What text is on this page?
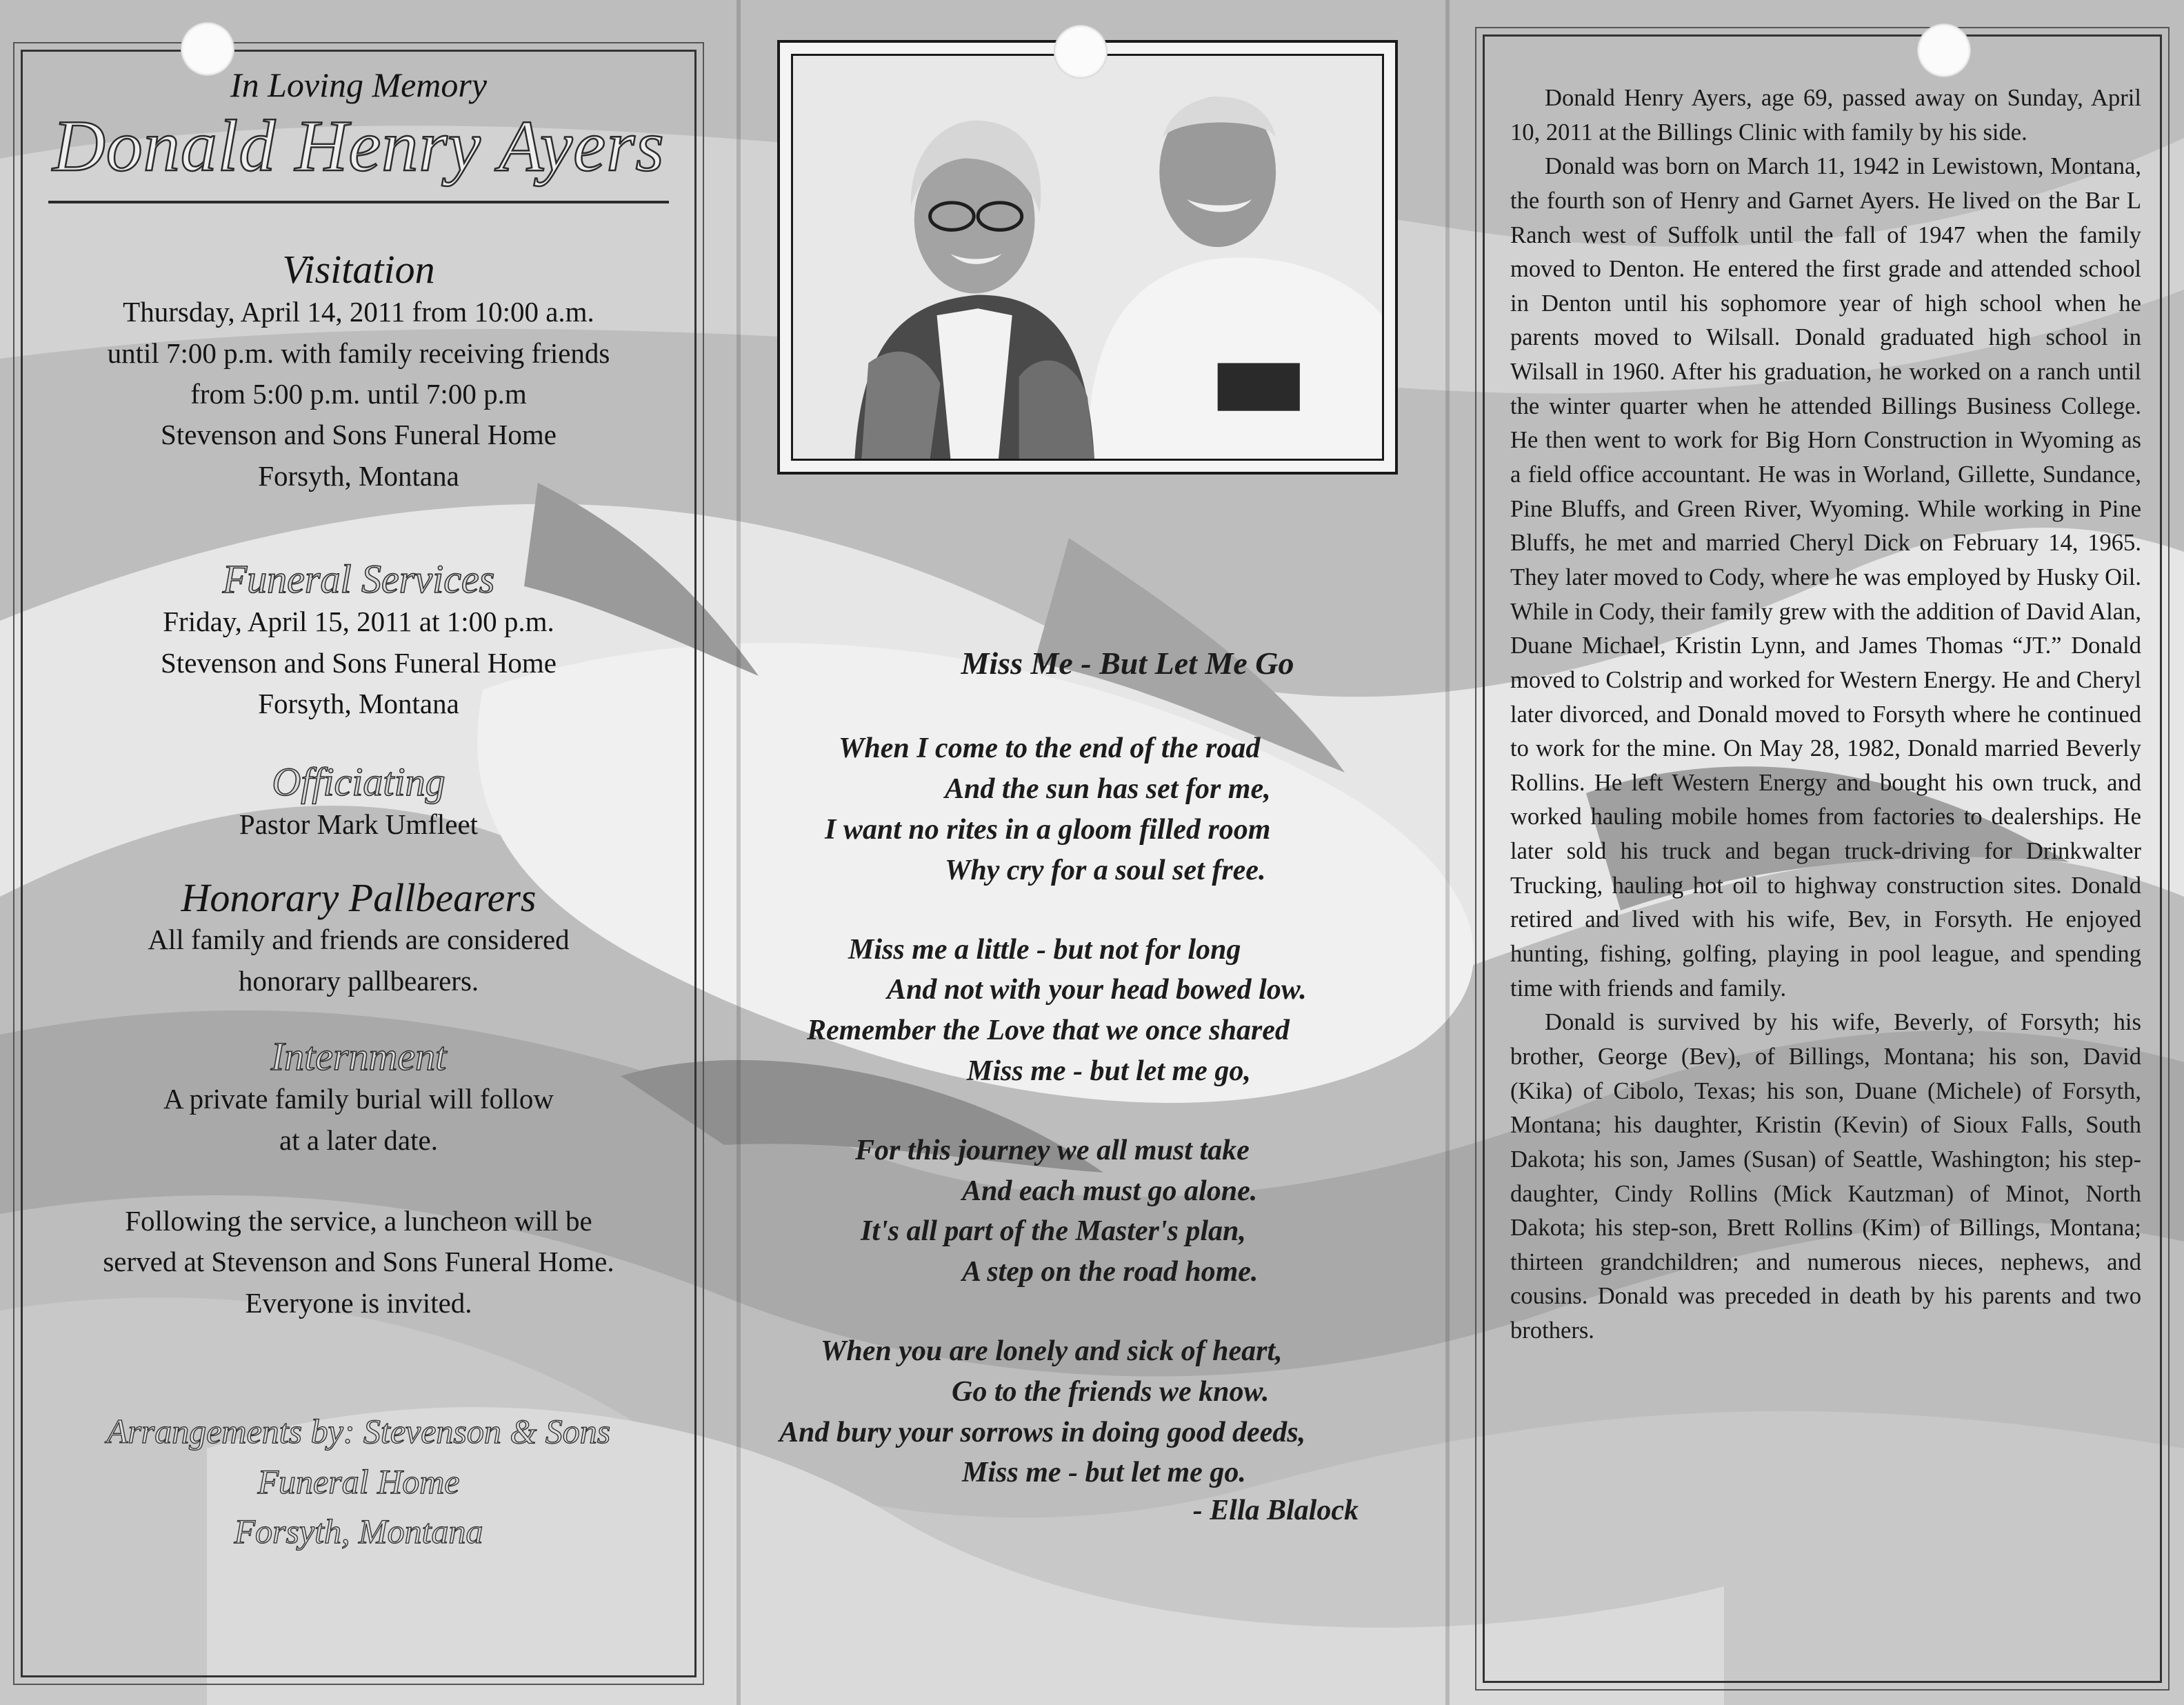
In Loving Memory
Donald Henry Ayers
Visitation
Thursday, April 14, 2011 from 10:00 a.m.
until 7:00 p.m. with family receiving friends
from 5:00 p.m. until 7:00 p.m
Stevenson and Sons Funeral Home
Forsyth, Montana
Funeral Services
Friday, April 15, 2011 at 1:00 p.m.
Stevenson and Sons Funeral Home
Forsyth, Montana
Officiating
Pastor Mark Umfleet
Honorary Pallbearers
All family and friends are considered
honorary pallbearers.
Internment
A private family burial will follow
at a later date.
Following the service, a luncheon will be
served at Stevenson and Sons Funeral Home.
Everyone is invited.
Arrangements by: Stevenson & Sons
Funeral Home
Forsyth, Montana
Miss Me - But Let Me Go
When I come to the end of the road
And the sun has set for me,
I want no rites in a gloom filled room
Why cry for a soul set free.
Miss me a little - but not for long
And not with your head bowed low.
Remember the Love that we once shared
Miss me - but let me go,
For this journey we all must take
And each must go alone.
It's all part of the Master's plan,
A step on the road home.
When you are lonely and sick of heart,
Go to the friends we know.
And bury your sorrows in doing good deeds,
Miss me - but let me go.
- Ella Blalock

Donald Henry Ayers, age 69, passed away on Sunday, April 10, 2011 at the Billings Clinic with family by his side.

Donald was born on March 11, 1942 in Lewistown, Montana, the fourth son of Henry and Garnet Ayers. He lived on the Bar L Ranch west of Suffolk until the fall of 1947 when the family moved to Denton. He entered the first grade and attended school in Denton until his sophomore year of high school when he parents moved to Wilsall. Donald graduated high school in Wilsall in 1960. After his graduation, he worked on a ranch until the winter quarter when he attended Billings Business College. He then went to work for Big Horn Construction in Wyoming as a field office accountant. He was in Worland, Gillette, Sundance, Pine Bluffs, and Green River, Wyoming. While working in Pine Bluffs, he met and married Cheryl Dick on February 14, 1965. They later moved to Cody, where he was employed by Husky Oil. While in Cody, their family grew with the addition of David Alan, Duane Michael, Kristin Lynn, and James Thomas “JT.” Donald moved to Colstrip and worked for Western Energy. He and Cheryl later divorced, and Donald moved to Forsyth where he continued to work for the mine. On May 28, 1982, Donald married Beverly Rollins. He left Western Energy and bought his own truck, and worked hauling mobile homes from factories to dealerships. He later sold his truck and began truck-driving for Drinkwalter Trucking, hauling hot oil to highway construction sites. Donald retired and lived with his wife, Bev, in Forsyth. He enjoyed hunting, fishing, golfing, playing in pool league, and spending time with friends and family.

Donald is survived by his wife, Beverly, of Forsyth; his brother, George (Bev), of Billings, Montana; his son, David (Kika) of Cibolo, Texas; his son, Duane (Michele) of Forsyth, Montana; his daughter, Kristin (Kevin) of Sioux Falls, South Dakota; his son, James (Susan) of Seattle, Washington; his step-daughter, Cindy Rollins (Mick Kautzman) of Minot, North Dakota; his step-son, Brett Rollins (Kim) of Billings, Montana; thirteen grandchildren; and numerous nieces, nephews, and cousins. Donald was preceded in death by his parents and two brothers.
